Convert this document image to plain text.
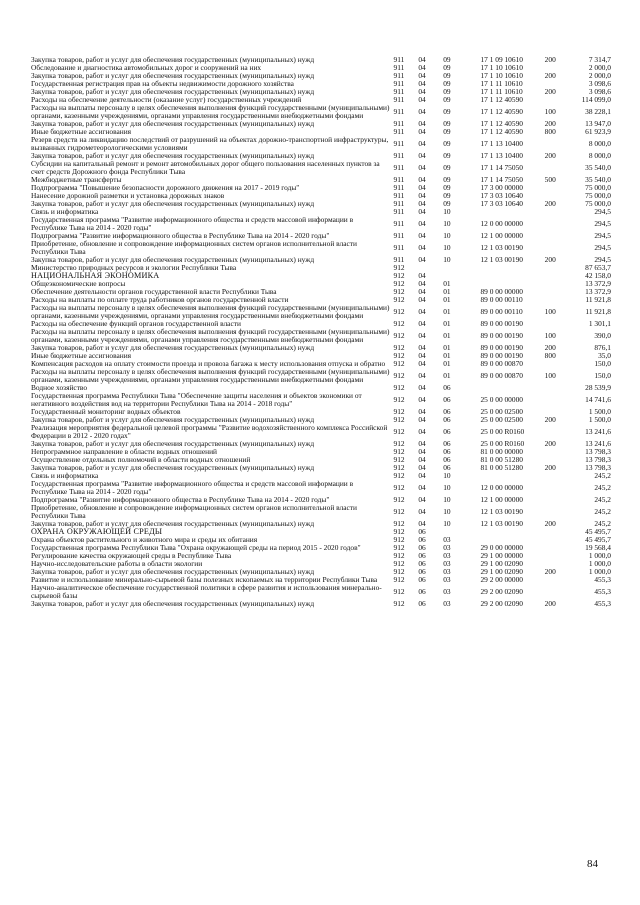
Закупка товаров, работ и услуг для обеспечения государственных (муниципальных) нужд	911	04	09	17 1 09 10610	200	7 314,7
Обследование и диагностика автомобильных дорог и сооружений на них	911	04	09	17 1 10 10610		2 000,0
Закупка товаров, работ и услуг для обеспечения государственных (муниципальных) нужд	911	04	09	17 1 10 10610	200	2 000,0
Государственная регистрация прав на объекты недвижимости дорожного хозяйства	911	04	09	17 1 11 10610		3 098,6
Закупка товаров, работ и услуг для обеспечения государственных (муниципальных) нужд	911	04	09	17 1 11 10610	200	3 098,6
Расходы на обеспечение деятельности (оказание услуг) государственных учреждений	911	04	09	17 1 12 40590		114 099,0
Расходы на выплаты персоналу в целях обеспечения выполнения функций государственными (муниципальными) органами, казенными учреждениями, органами управления государственными внебюджетными фондами	911	04	09	17 1 12 40590	100	38 228,1
Закупка товаров, работ и услуг для обеспечения государственных (муниципальных) нужд	911	04	09	17 1 12 40590	200	13 947,0
Иные бюджетные ассигнования	911	04	09	17 1 12 40590	800	61 923,9
Резерв средств на ликвидацию последствий от разрушений на объектах дорожно-транспортной инфраструктуры, вызванных гидрометеорологическими условиями	911	04	09	17 1 13 10400		8 000,0
Закупка товаров, работ и услуг для обеспечения государственных (муниципальных) нужд	911	04	09	17 1 13 10400	200	8 000,0
Субсидии на капитальный ремонт и ремонт автомобильных дорог общего пользования населенных пунктов за счет средств Дорожного фонда Республики Тыва	911	04	09	17 1 14 75050		35 540,0
Межбюджетные трансферты	911	04	09	17 1 14 75050	500	35 540,0
Подпрограмма "Повышение безопасности дорожного движения на 2017 - 2019 годы"	911	04	09	17 3 00 00000		75 000,0
Нанесение дорожной разметки и установка дорожных знаков	911	04	09	17 3 03 10640		75 000,0
Закупка товаров, работ и услуг для обеспечения государственных (муниципальных) нужд	911	04	09	17 3 03 10640	200	75 000,0
Связь и информатика	911	04	10			294,5
Государственная программа "Развитие информационного общества и средств массовой информации в Республике Тыва на 2014 - 2020 годы"	911	04	10	12 0 00 00000		294,5
Подпрограмма "Развитие информационного общества в Республике Тыва на 2014 - 2020 годы"	911	04	10	12 1 00 00000		294,5
Приобретение, обновление и сопровождение информационных систем органов исполнительной власти Республики Тыва	911	04	10	12 1 03 00190		294,5
Закупка товаров, работ и услуг для обеспечения государственных (муниципальных) нужд	911	04	10	12 1 03 00190	200	294,5
Министерство природных ресурсов и экологии Республики Тыва	912					87 653,7
НАЦИОНАЛЬНАЯ ЭКОНОМИКА	912	04				42 158,0
Общеэкономические вопросы	912	04	01			13 372,9
Обеспечение деятельности органов государственной власти Республики Тыва	912	04	01	89 0 00 00000		13 372,9
Расходы на выплаты по оплате труда работников органов государственной власти	912	04	01	89 0 00 00110		11 921,8
Расходы на выплаты персоналу в целях обеспечения выполнения функций государственными (муниципальными) органами, казенными учреждениями, органами управления государственными внебюджетными фондами	912	04	01	89 0 00 00110	100	11 921,8
Расходы на обеспечение функций органов государственной власти	912	04	01	89 0 00 00190		1 301,1
Расходы на выплаты персоналу в целях обеспечения выполнения функций государственными (муниципальными) органами, казенными учреждениями, органами управления государственными внебюджетными фондами	912	04	01	89 0 00 00190	100	390,0
Закупка товаров, работ и услуг для обеспечения государственных (муниципальных) нужд	912	04	01	89 0 00 00190	200	876,1
Иные бюджетные ассигнования	912	04	01	89 0 00 00190	800	35,0
Компенсация расходов на оплату стоимости проезда и провоза багажа к месту использования отпуска и обратно	912	04	01	89 0 00 00870		150,0
Расходы на выплаты персоналу в целях обеспечения выполнения функций государственными (муниципальными) органами, казенными учреждениями, органами управления государственными внебюджетными фондами	912	04	01	89 0 00 00870	100	150,0
Водное хозяйство	912	04	06			28 539,9
Государственная программа Республики Тыва "Обеспечение защиты населения и объектов экономики от негативного воздействия вод на территории Республики Тыва на 2014 - 2018 годы"	912	04	06	25 0 00 00000		14 741,6
Государственный мониторинг водных объектов	912	04	06	25 0 00 02500		1 500,0
Закупка товаров, работ и услуг для обеспечения государственных (муниципальных) нужд	912	04	06	25 0 00 02500	200	1 500,0
Реализация мероприятия федеральной целевой программы "Развитие водохозяйственного комплекса Российской Федерации в 2012 - 2020 годах"	912	04	06	25 0 00 R0160		13 241,6
Закупка товаров, работ и услуг для обеспечения государственных (муниципальных) нужд	912	04	06	25 0 00 R0160	200	13 241,6
Непрограммное направление в области водных отношений	912	04	06	81 0 00 00000		13 798,3
Осуществление отдельных полномочий в области водных отношений	912	04	06	81 0 00 51280		13 798,3
Закупка товаров, работ и услуг для обеспечения государственных (муниципальных) нужд	912	04	06	81 0 00 51280	200	13 798,3
Связь и информатика	912	04	10			245,2
Государственная программа "Развитие информационного общества и средств массовой информации в Республике Тыва на 2014 - 2020 годы"	912	04	10	12 0 00 00000		245,2
Подпрограмма "Развитие информационного общества в Республике Тыва на 2014 - 2020 годы"	912	04	10	12 1 00 00000		245,2
Приобретение, обновление и сопровождение информационных систем органов исполнительной власти Республики Тыва	912	04	10	12 1 03 00190		245,2
Закупка товаров, работ и услуг для обеспечения государственных (муниципальных) нужд	912	04	10	12 1 03 00190	200	245,2
ОХРАНА ОКРУЖАЮЩЕЙ СРЕДЫ	912	06				45 495,7
Охрана объектов растительного и животного мира и среды их обитания	912	06	03			45 495,7
Государственная программа Республики Тыва "Охрана окружающей среды на период 2015 - 2020 годов"	912	06	03	29 0 00 00000		19 568,4
Регулирование качества окружающей среды в Республике Тыва	912	06	03	29 1 00 00000		1 000,0
Научно-исследовательские работы в области экологии	912	06	03	29 1 00 02090		1 000,0
Закупка товаров, работ и услуг для обеспечения государственных (муниципальных) нужд	912	06	03	29 1 00 02090	200	1 000,0
Развитие и использование минерально-сырьевой базы полезных ископаемых на территории Республики Тыва	912	06	03	29 2 00 00000		455,3
Научно-аналитическое обеспечение государственной политики в сфере развития и использования минерально-сырьевой базы	912	06	03	29 2 00 02090		455,3
Закупка товаров, работ и услуг для обеспечения государственных (муниципальных) нужд	912	06	03	29 2 00 02090	200	455,3
84
